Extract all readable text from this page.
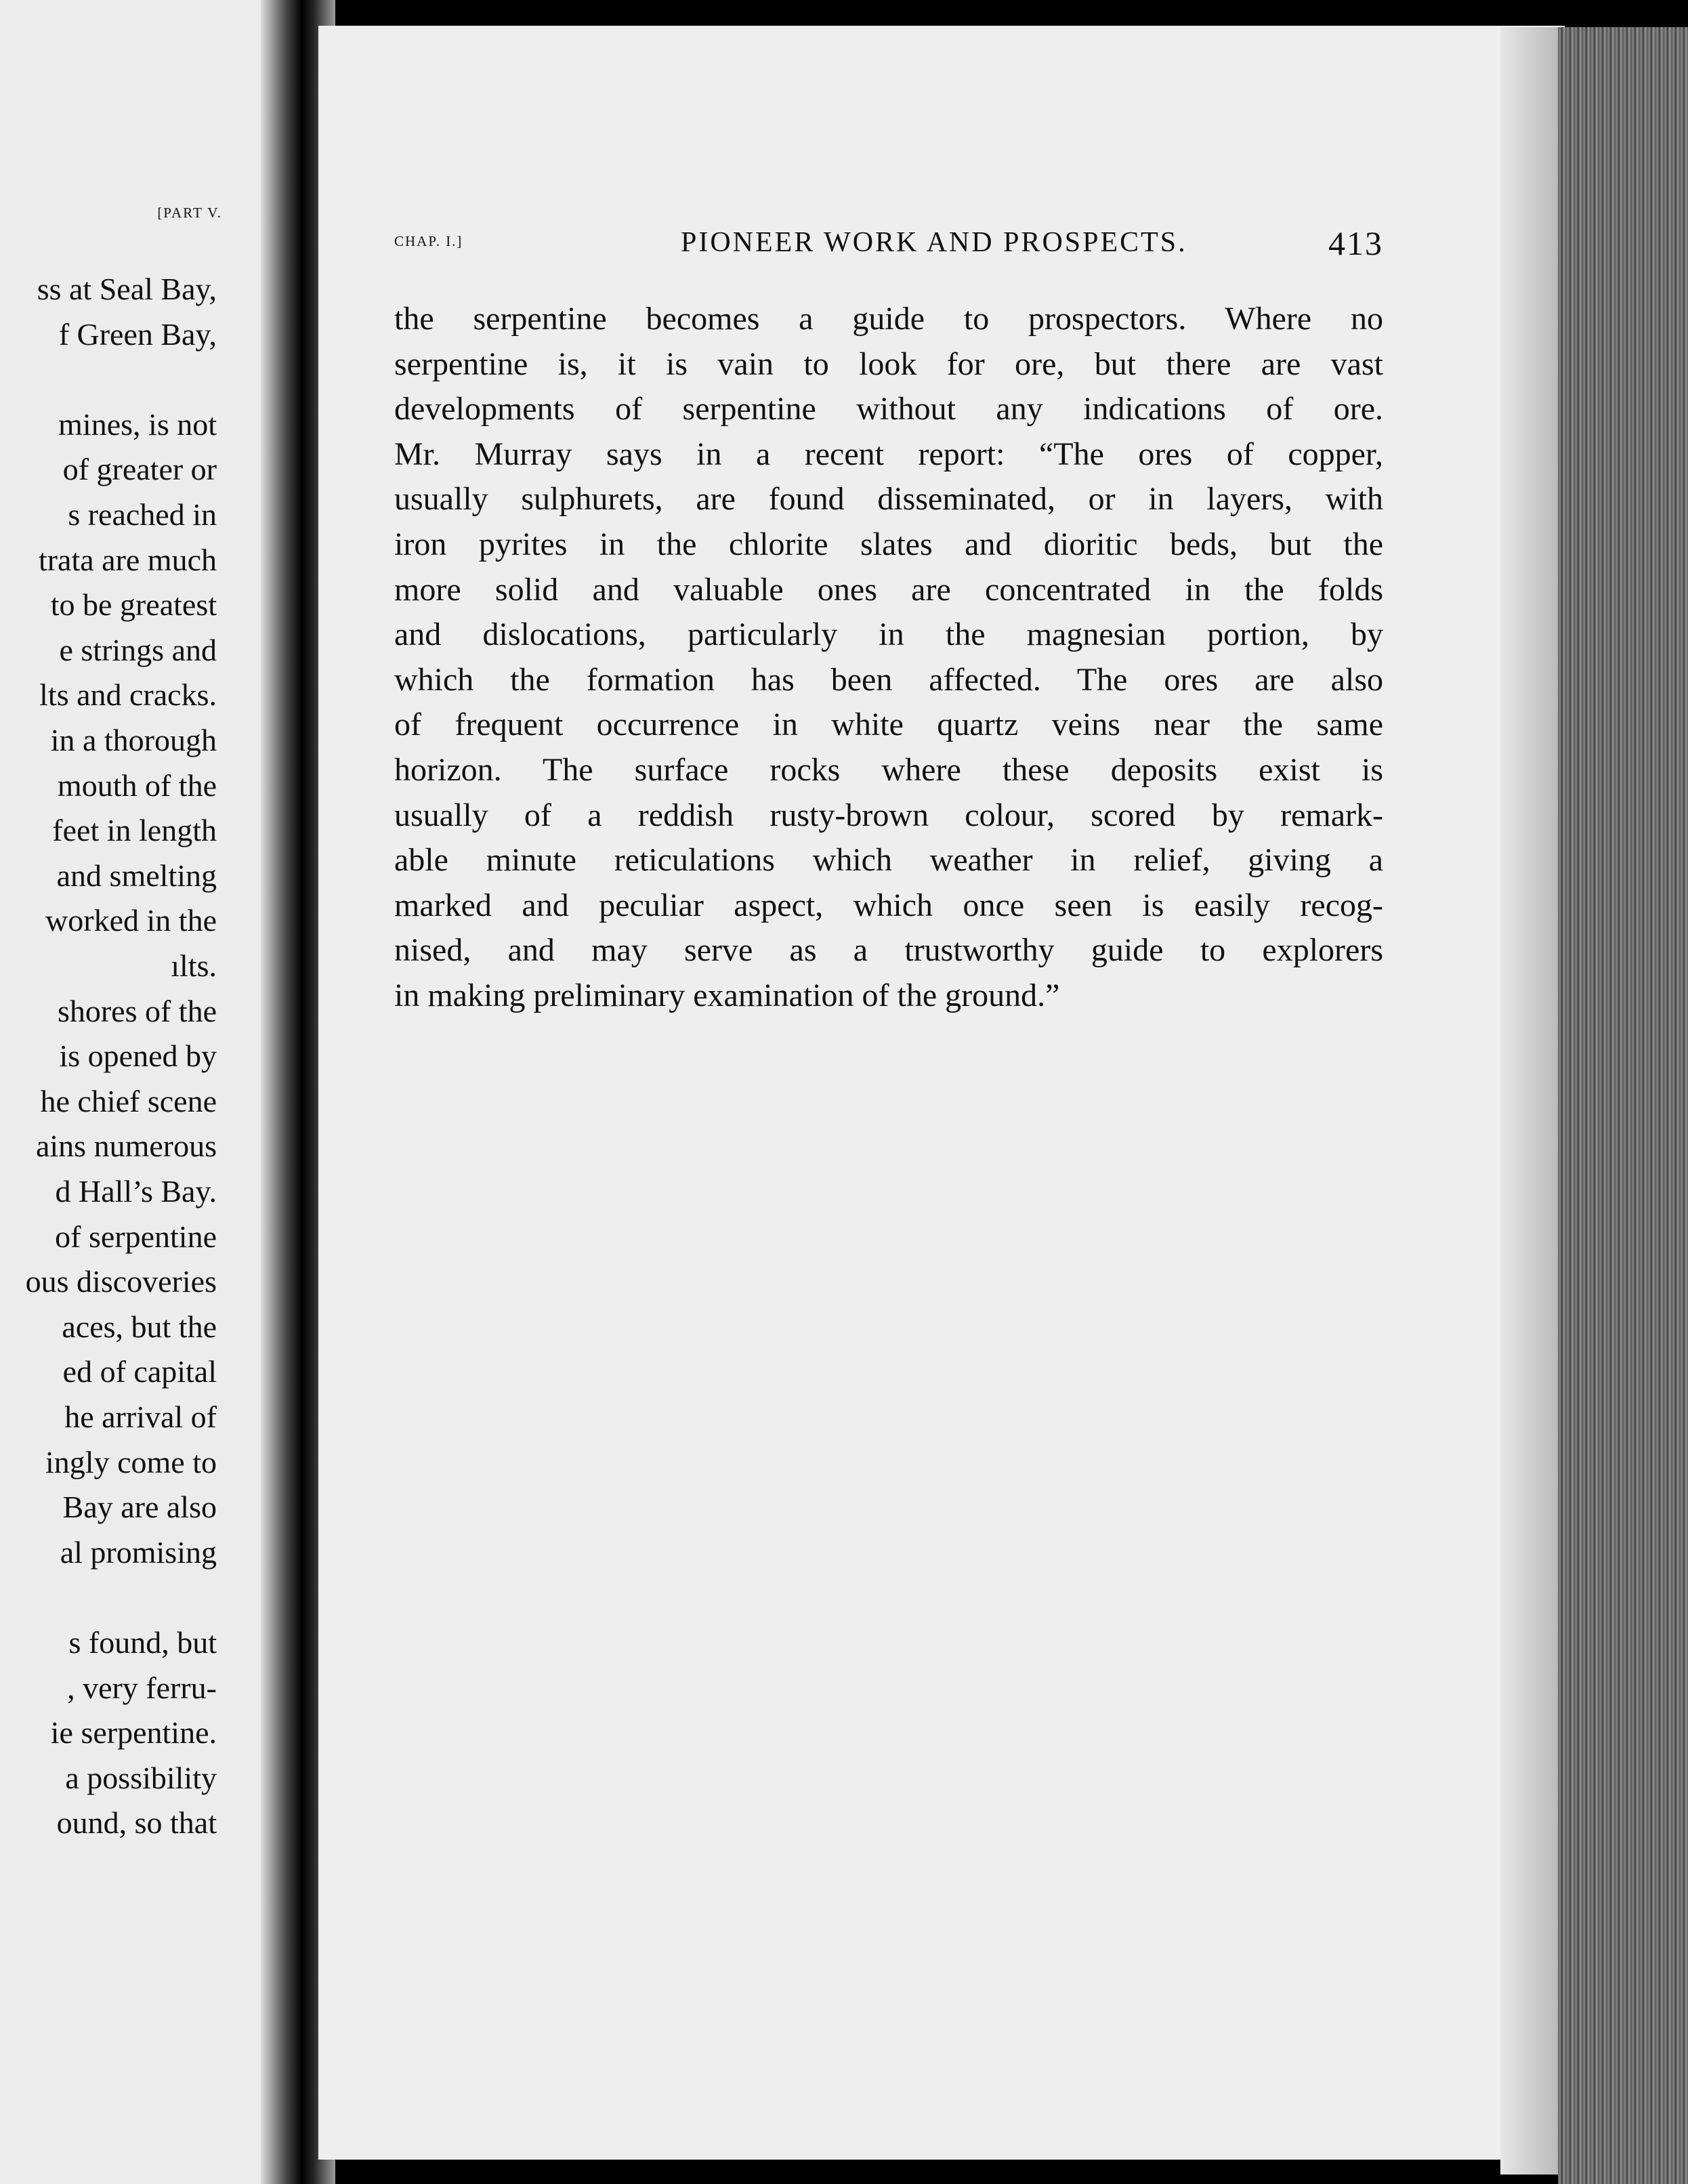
[PART V.
ss at Seal Bay,
f Green Bay,
mines, is not
of greater or
s reached in
trata are much
to be greatest
e strings and
lts and cracks.
in a thorough
mouth of the
feet in length
and smelting
worked in the
ılts.
shores of the
is opened by
he chief scene
ains numerous
d Hall’s Bay.
of serpentine
ous discoveries
aces, but the
ed of capital
he arrival of
ingly come to
Bay are also
al promising
s found, but
, very ferru-
ie serpentine.
a possibility
ound, so that
CHAP. I.]	PIONEER WORK AND PROSPECTS.	413
the serpentine becomes a guide to prospectors. Where no
serpentine is, it is vain to look for ore, but there are vast
developments of serpentine without any indications of ore.
Mr. Murray says in a recent report: “The ores of copper,
usually sulphurets, are found disseminated, or in layers, with
iron pyrites in the chlorite slates and dioritic beds, but the
more solid and valuable ones are concentrated in the folds
and dislocations, particularly in the magnesian portion, by
which the formation has been affected. The ores are also
of frequent occurrence in white quartz veins near the same
horizon. The surface rocks where these deposits exist is
usually of a reddish rusty-brown colour, scored by remark-
able minute reticulations which weather in relief, giving a
marked and peculiar aspect, which once seen is easily recog-
nised, and may serve as a trustworthy guide to explorers
in making preliminary examination of the ground.”
